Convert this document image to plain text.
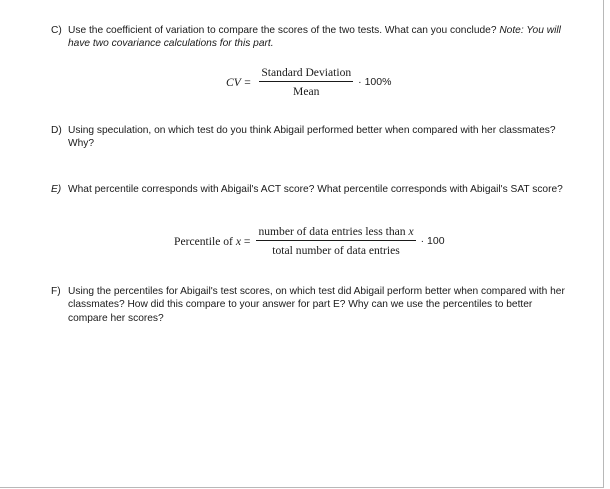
C) Use the coefficient of variation to compare the scores of the two tests. What can you conclude? Note: You will have two covariance calculations for this part.
CV = $\frac{\text{Standard Deviation}}{\text{Mean}} \cdot 100\%$
D) Using speculation, on which test do you think Abigail performed better when compared with her classmates? Why?
E) What percentile corresponds with Abigail's ACT score? What percentile corresponds with Abigail's SAT score?
Percentile of
x
= $\frac{\text{number of data entries less than x}}{\text{total number of data entries}} \cdot 100$
F) Using the percentiles for Abigail's test scores, on which test did Abigail perform better when compared with her classmates? How did this compare to your answer for part E? Why can we use the percentiles to better compare her scores?
